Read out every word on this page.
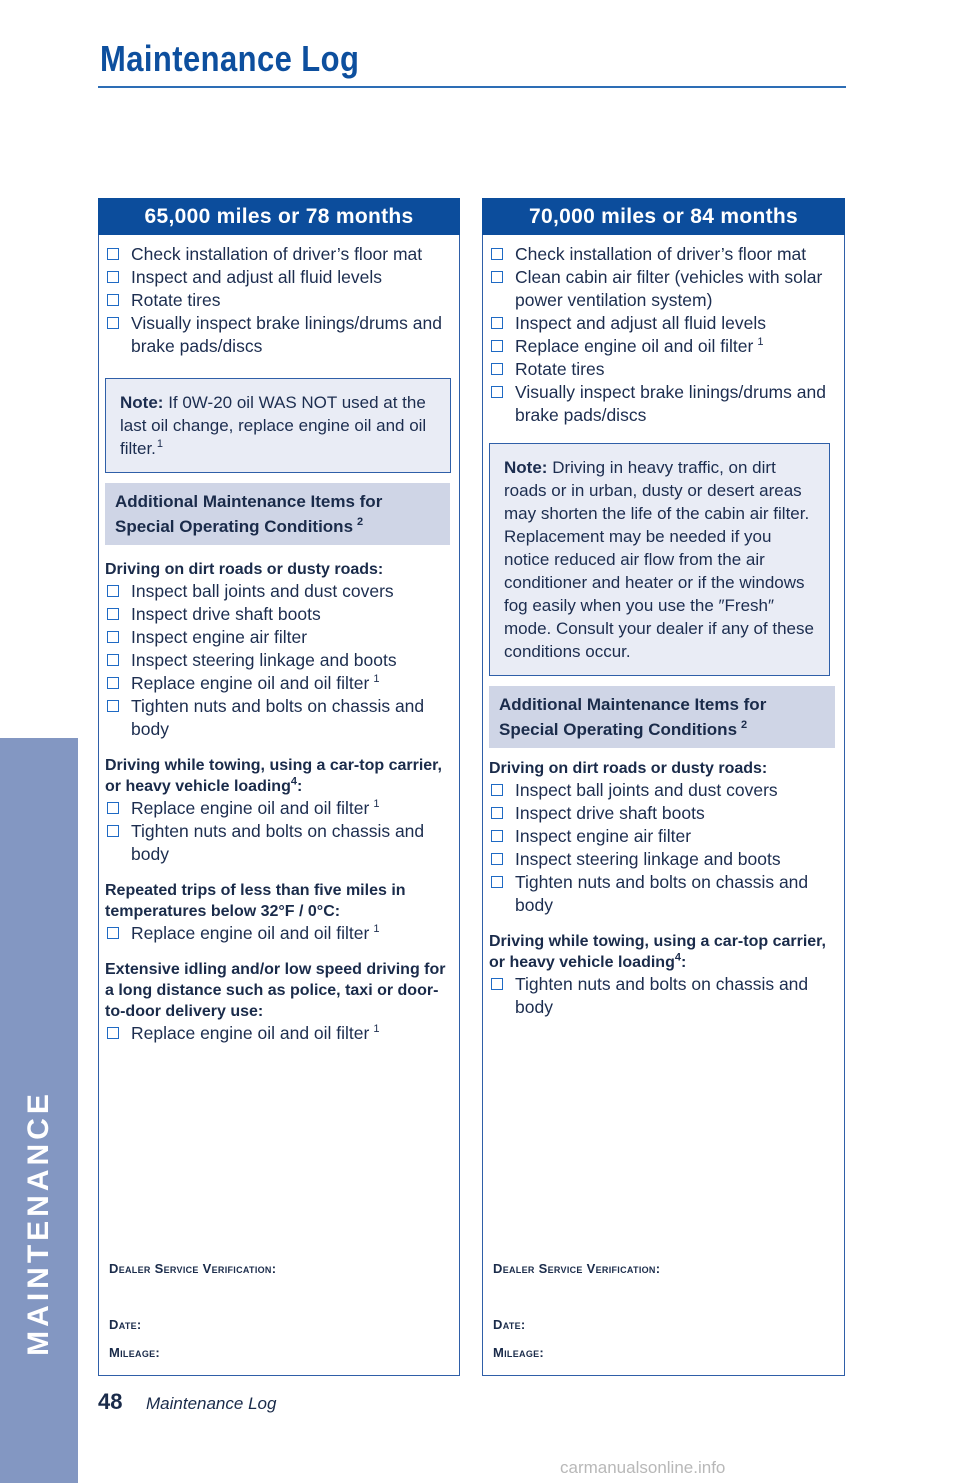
Maintenance Log
MAINTENANCE
65,000 miles or 78 months
Check installation of driver’s floor mat
Inspect and adjust all fluid levels
Rotate tires
Visually inspect brake linings/drums and brake pads/discs
Note: If 0W-20 oil WAS NOT used at the last oil change, replace engine oil and oil filter.$^1$
Additional Maintenance Items for
Special Operating Conditions $^2$
Driving on dirt roads or dusty roads:
Inspect ball joints and dust covers
Inspect drive shaft boots
Inspect engine air filter
Inspect steering linkage and boots
Replace engine oil and oil filter $^1$
Tighten nuts and bolts on chassis and body
Driving while towing, using a car-top carrier, or heavy vehicle loading$^4$:
Replace engine oil and oil filter $^1$
Tighten nuts and bolts on chassis and body
Repeated trips of less than five miles in temperatures below 32°F / 0°C:
Replace engine oil and oil filter $^1$
Extensive idling and/or low speed driving for a long distance such as police, taxi or door-to-door delivery use:
Replace engine oil and oil filter $^1$
Dealer Service Verification:
Date:
Mileage:
70,000 miles or 84 months
Check installation of driver’s floor mat
Clean cabin air filter (vehicles with solar power ventilation system)
Inspect and adjust all fluid levels
Replace engine oil and oil filter $^1$
Rotate tires
Visually inspect brake linings/drums and brake pads/discs
Note: Driving in heavy traffic, on dirt roads or in urban, dusty or desert areas may shorten the life of the cabin air filter. Replacement may be needed if you notice reduced air flow from the air conditioner and heater or if the windows fog easily when you use the ″Fresh″ mode. Consult your dealer if any of these conditions occur.
Additional Maintenance Items for
Special Operating Conditions $^2$
Driving on dirt roads or dusty roads:
Inspect ball joints and dust covers
Inspect drive shaft boots
Inspect engine air filter
Inspect steering linkage and boots
Tighten nuts and bolts on chassis and body
Driving while towing, using a car-top carrier, or heavy vehicle loading$^4$:
Tighten nuts and bolts on chassis and body
Dealer Service Verification:
Date:
Mileage:
48 Maintenance Log
carmanualsonline.info
